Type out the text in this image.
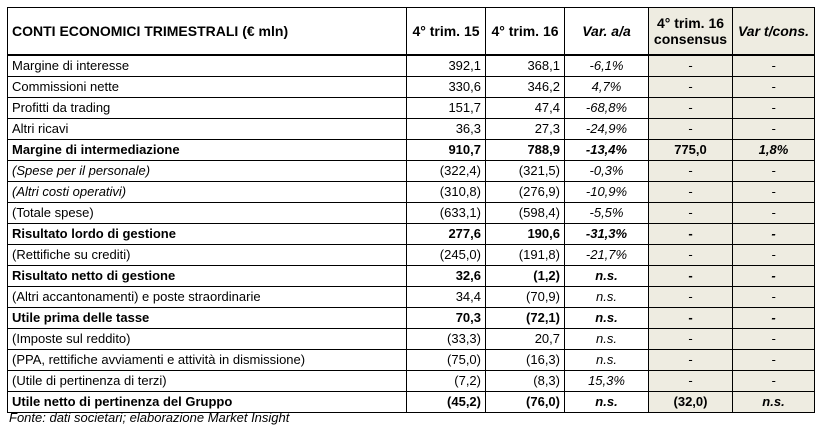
CONTI ECONOMICI TRIMESTRALI (€ mln)	4° trim. 15	4° trim. 16	Var. a/a	4° trim. 16
consensus	Var t/cons.
Margine di interesse	392,1	368,1	-6,1%	-	-
Commissioni nette	330,6	346,2	4,7%	-	-
Profitti da trading	151,7	47,4	-68,8%	-	-
Altri ricavi	36,3	27,3	-24,9%	-	-
Margine di intermediazione	910,7	788,9	-13,4%	775,0	1,8%
(Spese per il personale)	(322,4)	(321,5)	-0,3%	-	-
(Altri costi operativi)	(310,8)	(276,9)	-10,9%	-	-
(Totale spese)	(633,1)	(598,4)	-5,5%	-	-
Risultato lordo di gestione	277,6	190,6	-31,3%	-	-
(Rettifiche su crediti)	(245,0)	(191,8)	-21,7%	-	-
Risultato netto di gestione	32,6	(1,2)	n.s.	-	-
(Altri accantonamenti) e poste straordinarie	34,4	(70,9)	n.s.	-	-
Utile prima delle tasse	70,3	(72,1)	n.s.	-	-
(Imposte sul reddito)	(33,3)	20,7	n.s.	-	-
(PPA, rettifiche avviamenti e attività in dismissione)	(75,0)	(16,3)	n.s.	-	-
(Utile di pertinenza di terzi)	(7,2)	(8,3)	15,3%	-	-
Utile netto di pertinenza del Gruppo	(45,2)	(76,0)	n.s.	(32,0)	n.s.
Fonte: dati societari; elaborazione Market Insight
